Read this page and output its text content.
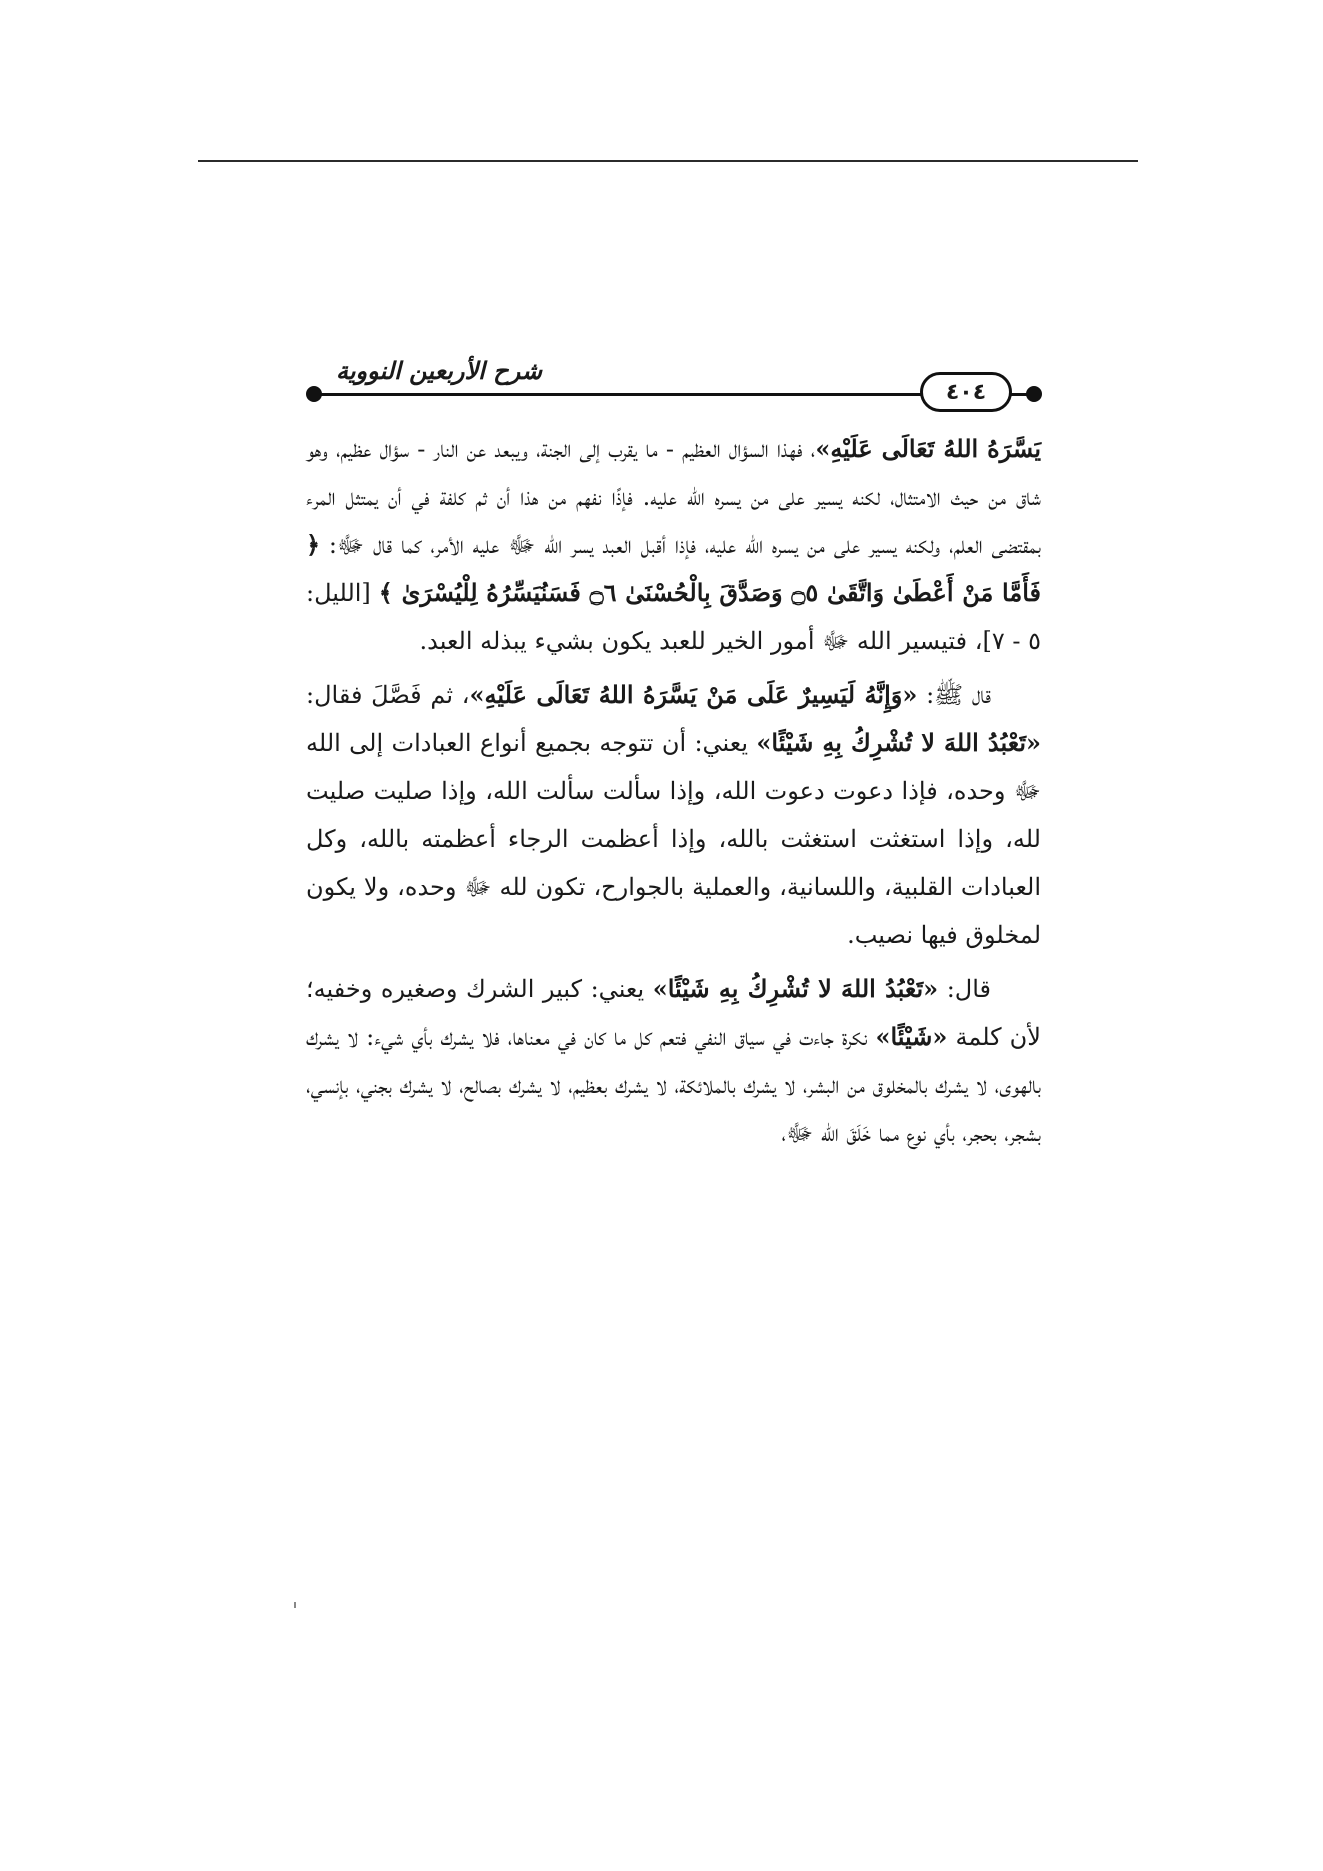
شرح الأربعين النووية
٤٠٤

يَسَّرَهُ اللهُ تَعَالَى عَلَيْهِ»، فهذا السؤال العظيم - ما يقرب إلى الجنة، ويبعد عن النار - سؤال عظيم، وهو شاق من حيث الامتثال، لكنه يسير على من يسره الله عليه. فإذًا نفهم من هذا أن ثم كلفة في أن يمتثل المرء بمقتضى العلم، ولكنه يسير على من يسره الله عليه، فإذا أقبل العبد يسر الله ﷻ عليه الأمر، كما قال ﷻ: ﴿ فَأَمَّا مَنْ أَعْطَىٰ وَاتَّقَىٰ ۝٥ وَصَدَّقَ بِالْحُسْنَىٰ ۝٦ فَسَنُيَسِّرُهُ لِلْيُسْرَىٰ ﴾ [الليل: ٥ - ٧]، فتيسير الله ﷻ أمور الخير للعبد يكون بشيء يبذله العبد.

قال ﷺ: «وَإِنَّهُ لَيَسِيرٌ عَلَى مَنْ يَسَّرَهُ اللهُ تَعَالَى عَلَيْهِ»، ثم فَصَّلَ فقال: «تَعْبُدُ اللهَ لا تُشْرِكُ بِهِ شَيْئًا» يعني: أن تتوجه بجميع أنواع العبادات إلى الله ﷻ وحده، فإذا دعوت دعوت الله، وإذا سألت سألت الله، وإذا صليت صليت لله، وإذا استغثت استغثت بالله، وإذا أعظمت الرجاء أعظمته بالله، وكل العبادات القلبية، واللسانية، والعملية بالجوارح، تكون لله ﷻ وحده، ولا يكون لمخلوق فيها نصيب.

قال: «تَعْبُدُ اللهَ لا تُشْرِكُ بِهِ شَيْئًا» يعني: كبير الشرك وصغيره وخفيه؛ لأن كلمة «شَيْئًا» نكرة جاءت في سياق النفي فتعم كل ما كان في معناها، فلا يشرك بأي شيء: لا يشرك بالهوى، لا يشرك بالمخلوق من البشر، لا يشرك بالملائكة، لا يشرك بعظيم، لا يشرك بصالح، لا يشرك بجني، بإنسي، بشجر، بحجر، بأي نوع مما خَلَقَ الله ﷻ،
